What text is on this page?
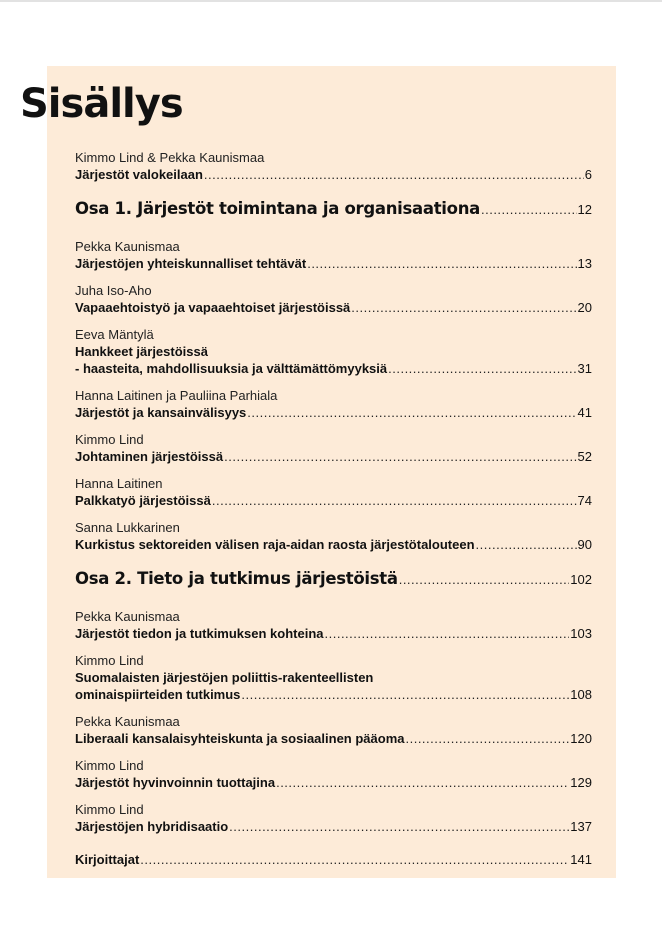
Sisällys
Kimmo Lind & Pekka Kaunismaa
Järjestöt valokeilaan .....	6
Osa 1. Järjestöt toimintana ja organisaationa .....	12
Pekka Kaunismaa
Järjestöjen yhteiskunnalliset tehtävät .....	13
Juha Iso-Aho
Vapaaehtoistyö ja vapaaehtoiset järjestöissä .....	20
Eeva Mäntylä
Hankkeet järjestöissä
- haasteita, mahdollisuuksia ja välttämättömyyksiä .....	31
Hanna Laitinen ja Pauliina Parhiala
Järjestöt ja kansainvälisyys .....	41
Kimmo Lind
Johtaminen järjestöissä .....	52
Hanna Laitinen
Palkkatyö järjestöissä .....	74
Sanna Lukkarinen
Kurkistus sektoreiden välisen raja-aidan raosta järjestötalouteen .....	90
Osa 2. Tieto ja tutkimus järjestöistä .....	102
Pekka Kaunismaa
Järjestöt tiedon ja tutkimuksen kohteina .....	103
Kimmo Lind
Suomalaisten järjestöjen poliittis-rakenteellisten
ominaispiirteiden tutkimus .....	108
Pekka Kaunismaa
Liberaali kansalaisyhteiskunta ja sosiaalinen pääoma .....	120
Kimmo Lind
Järjestöt hyvinvoinnin tuottajina .....	129
Kimmo Lind
Järjestöjen hybridisaatio .....	137
Kirjoittajat .....	141
